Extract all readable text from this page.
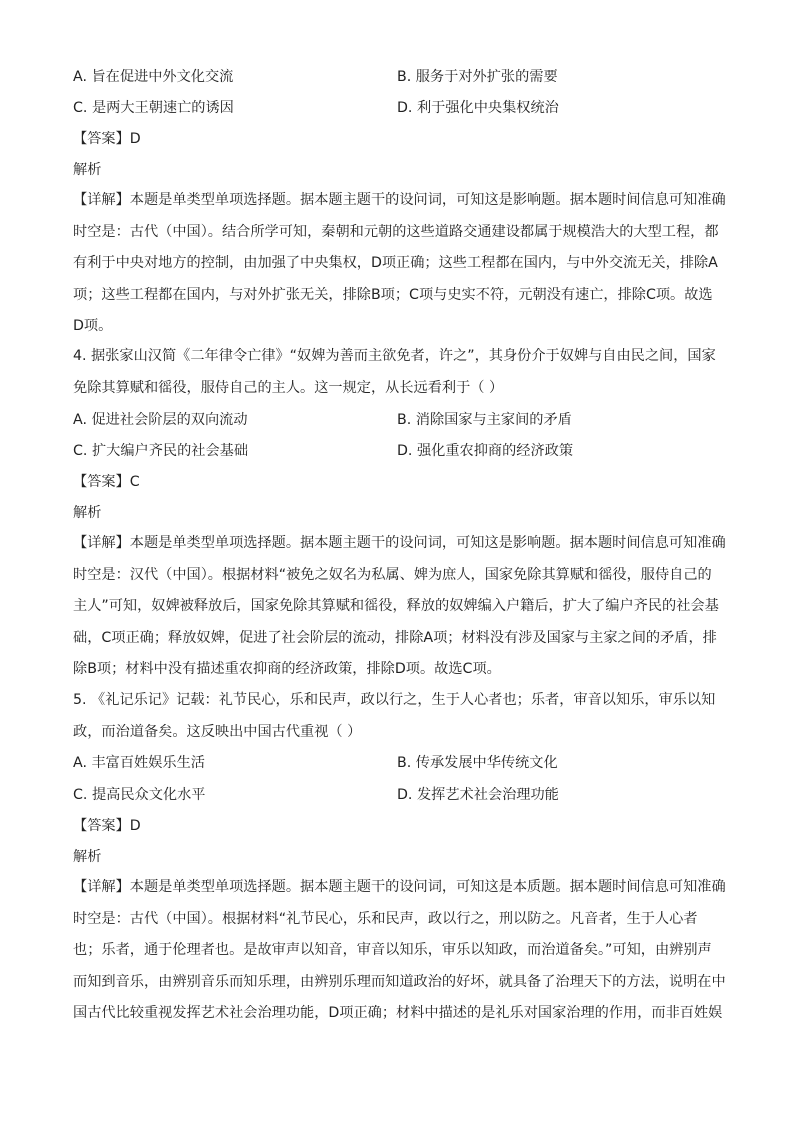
A. 旨在促进中外文化交流	B. 服务于对外扩张的需要
C. 是两大王朝速亡的诱因	D. 利于强化中央集权统治
【答案】D
解析
【详解】本题是单类型单项选择题。据本题主题干的设问词，可知这是影响题。据本题时间信息可知准确
时空是：古代（中国）。结合所学可知，秦朝和元朝的这些道路交通建设都属于规模浩大的大型工程，都
有利于中央对地方的控制，由加强了中央集权，D项正确；这些工程都在国内，与中外交流无关，排除A
项；这些工程都在国内，与对外扩张无关，排除B项；C项与史实不符，元朝没有速亡，排除C项。故选
D项。
4. 据张家山汉简《二年律令亡律》“奴婢为善而主欲免者，许之”，其身份介于奴婢与自由民之间，国家
免除其算赋和徭役，服侍自己的主人。这一规定，从长远看利于（ ）
A. 促进社会阶层的双向流动	B. 消除国家与主家间的矛盾
C. 扩大编户齐民的社会基础	D. 强化重农抑商的经济政策
【答案】C
解析
【详解】本题是单类型单项选择题。据本题主题干的设问词，可知这是影响题。据本题时间信息可知准确
时空是：汉代（中国）。根据材料“被免之奴名为私属、婢为庶人，国家免除其算赋和徭役，服侍自己的
主人”可知，奴婢被释放后，国家免除其算赋和徭役，释放的奴婢编入户籍后，扩大了编户齐民的社会基
础，C项正确；释放奴婢，促进了社会阶层的流动，排除A项；材料没有涉及国家与主家之间的矛盾，排
除B项；材料中没有描述重农抑商的经济政策，排除D项。故选C项。
5. 《礼记乐记》记载：礼节民心，乐和民声，政以行之，生于人心者也；乐者，审音以知乐，审乐以知
政，而治道备矣。这反映出中国古代重视（ ）
A. 丰富百姓娱乐生活	B. 传承发展中华传统文化
C. 提高民众文化水平	D. 发挥艺术社会治理功能
【答案】D
解析
【详解】本题是单类型单项选择题。据本题主题干的设问词，可知这是本质题。据本题时间信息可知准确
时空是：古代（中国）。根据材料“礼节民心，乐和民声，政以行之，刑以防之。凡音者，生于人心者
也；乐者，通于伦理者也。是故审声以知音，审音以知乐，审乐以知政，而治道备矣。”可知，由辨别声
而知到音乐，由辨别音乐而知乐理，由辨别乐理而知道政治的好坏，就具备了治理天下的方法，说明在中
国古代比较重视发挥艺术社会治理功能，D项正确；材料中描述的是礼乐对国家治理的作用，而非百姓娱
